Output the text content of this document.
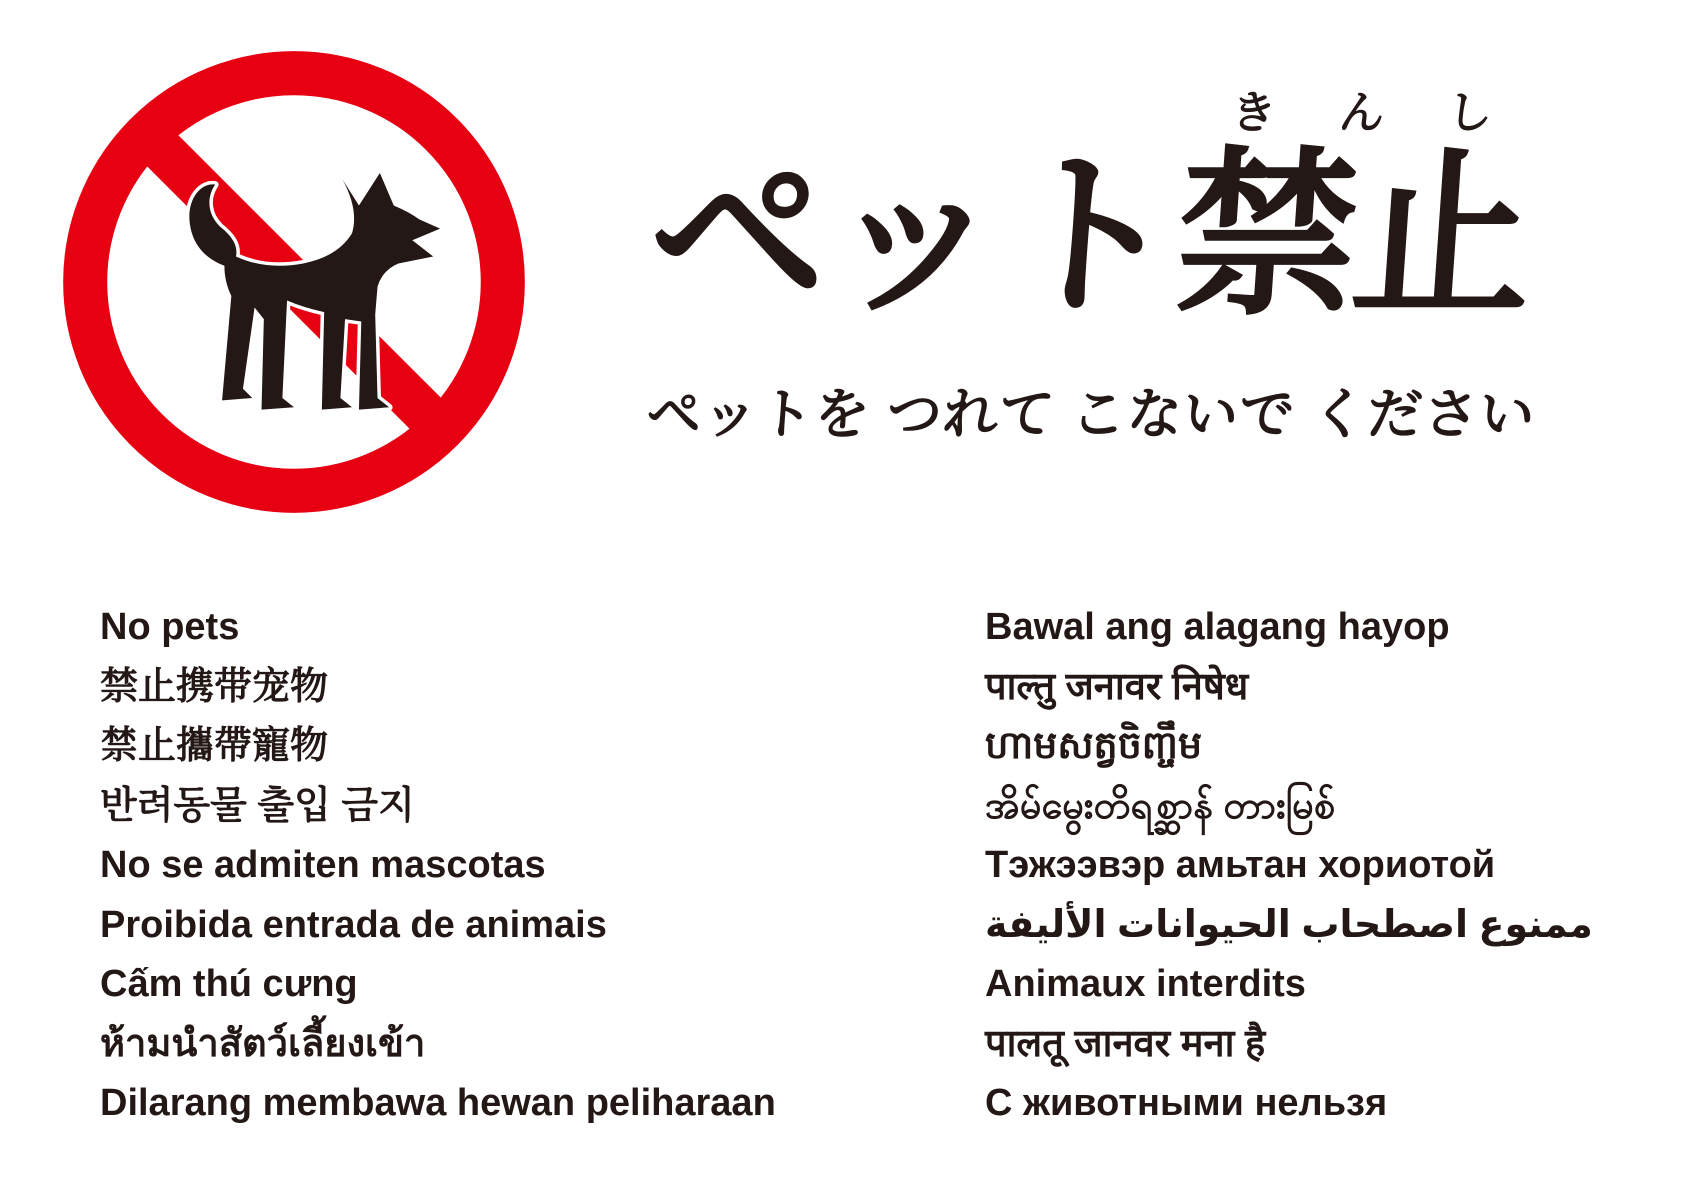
ペット
き ん し
禁止
ペットを つれて こないで ください

No pets

禁止携带宠物

禁止攜帶寵物

반려동물 출입 금지

No se admiten mascotas

Proibida entrada de animais

Cấm thú cưng

ห้ามนำสัตว์เลี้ยงเข้า

Dilarang membawa hewan peliharaan

Bawal ang alagang hayop

पाल्तु जनावर निषेध

ហាមសត្វចិញ្ចឹម

အိမ်မွေးတိရစ္ဆာန် တားမြစ်

Тэжээвэр амьтан хориотой

ممنوع اصطحاب الحيوانات الأليفة

Animaux interdits

पालतू जानवर मना है

С животными нельзя
